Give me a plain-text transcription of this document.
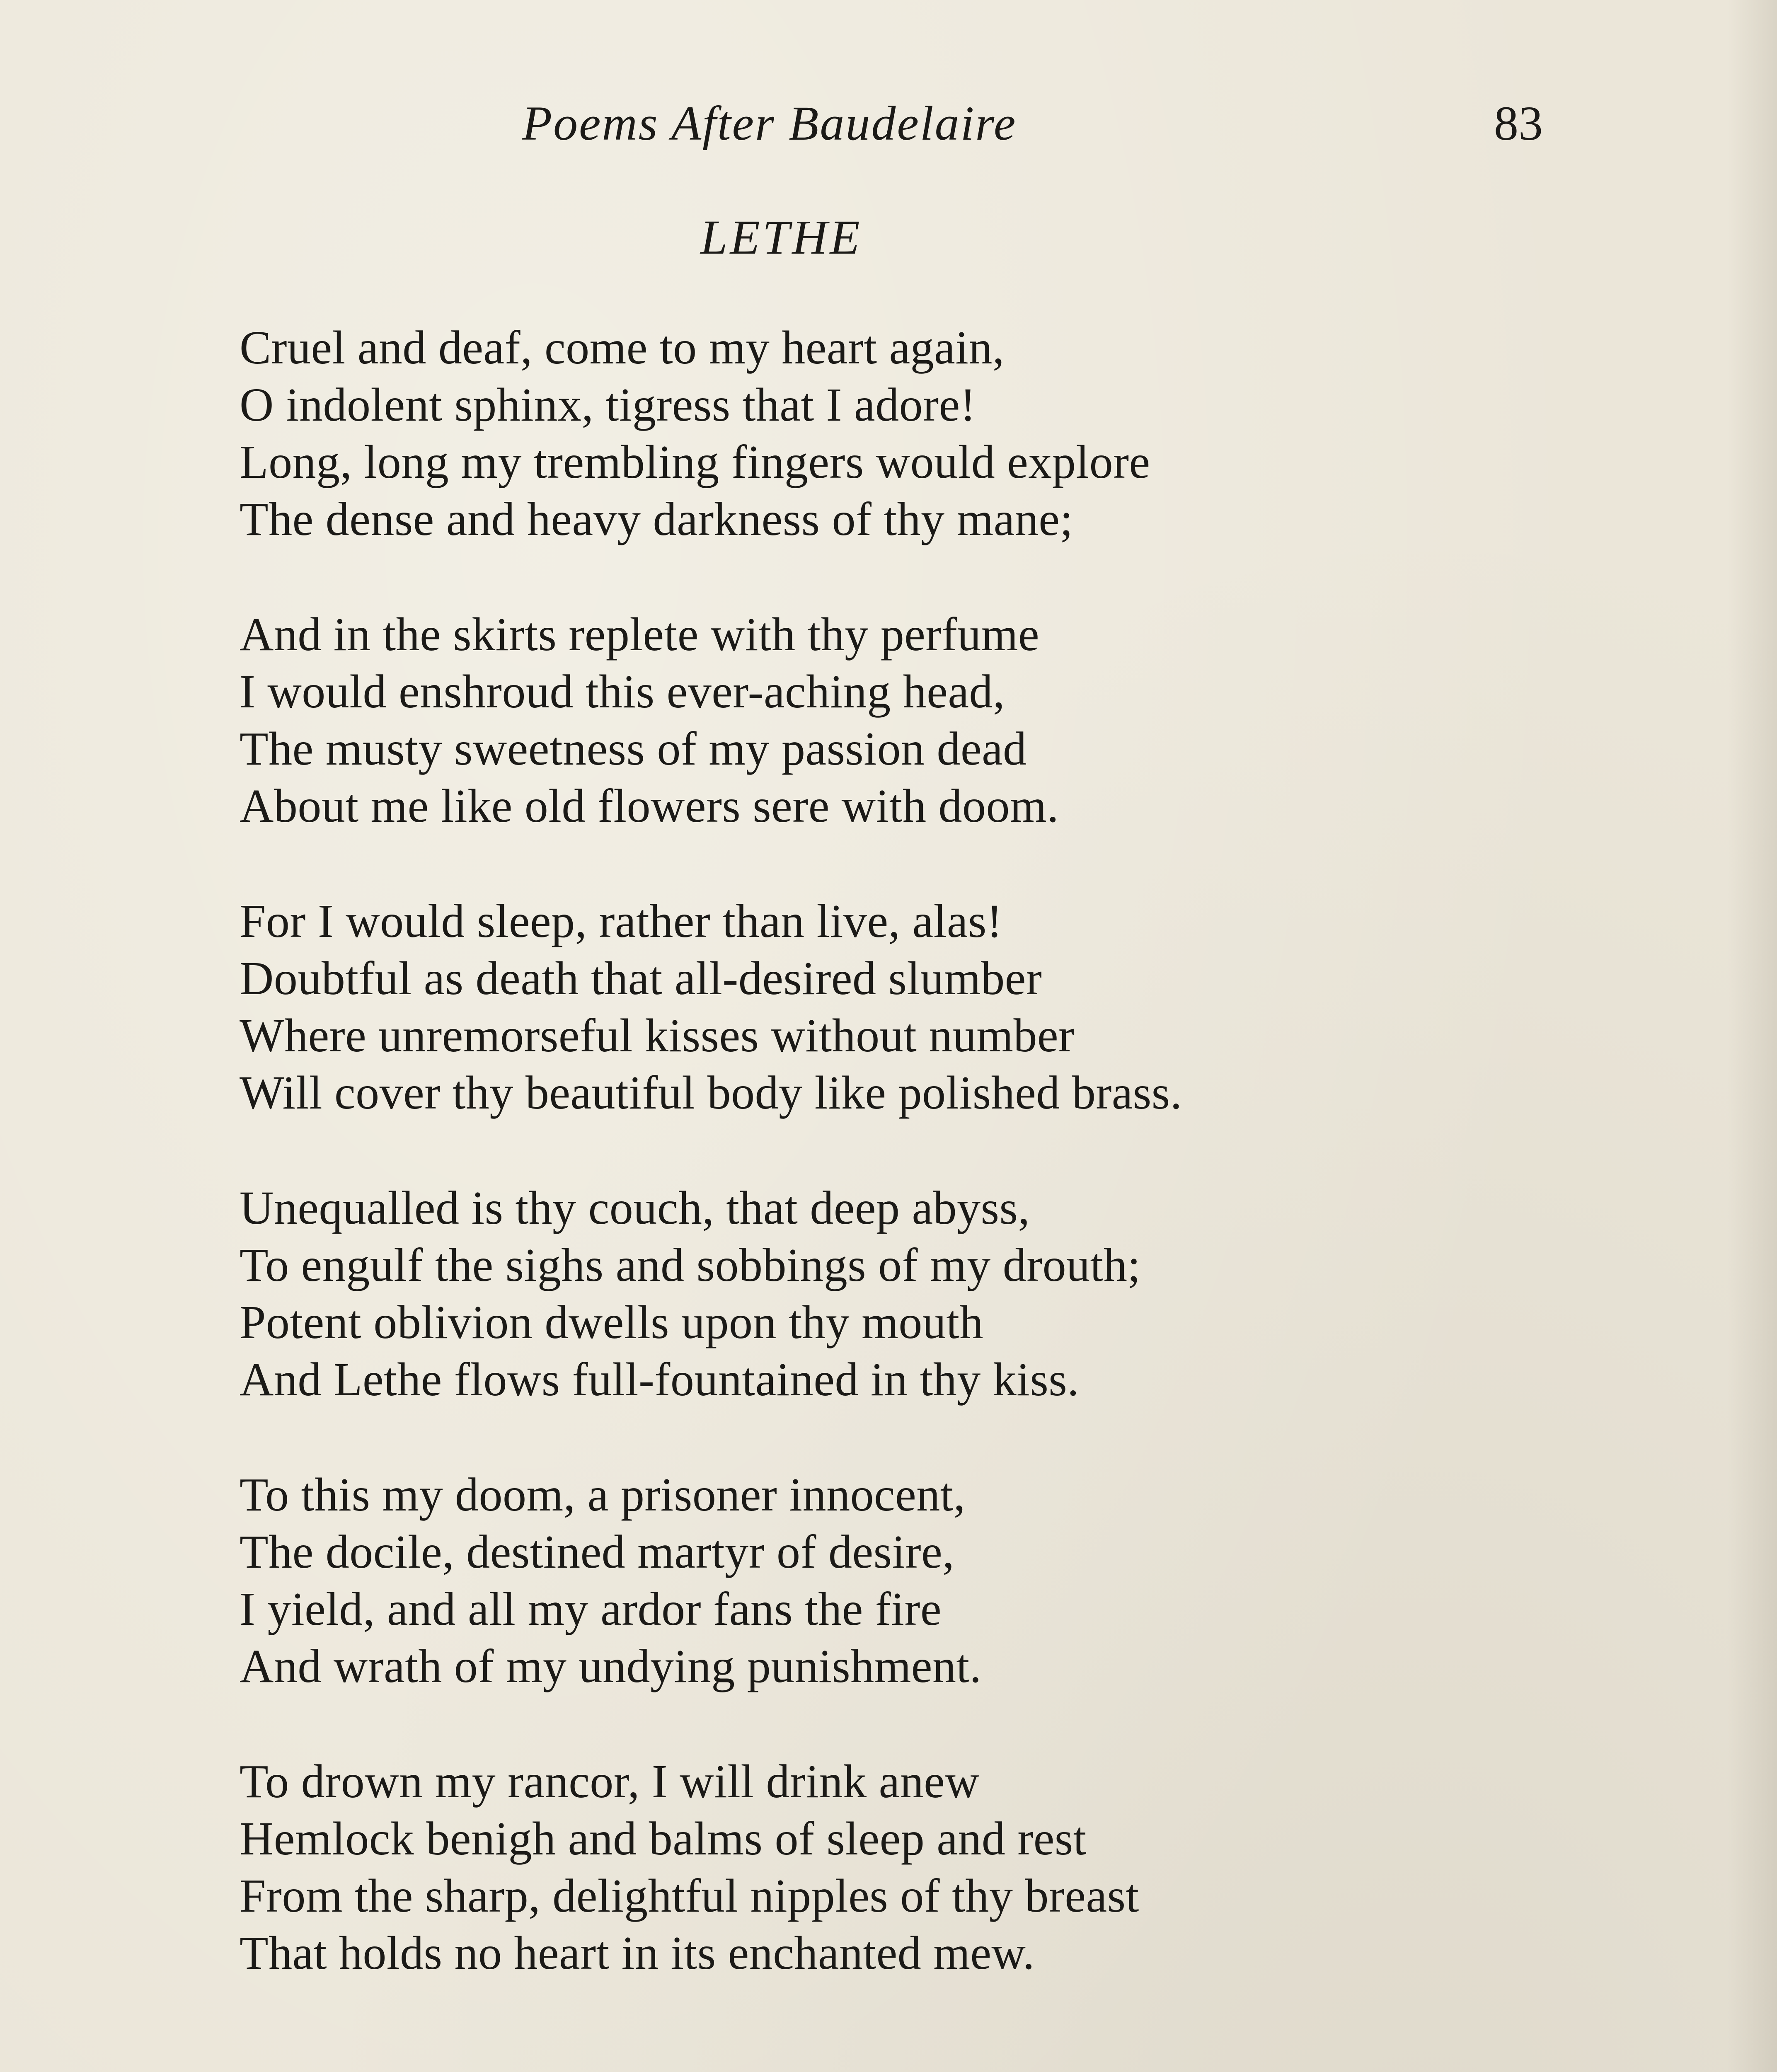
Poems After Baudelaire	83
LETHE
Cruel and deaf, come to my heart again,
O indolent sphinx, tigress that I adore!
Long, long my trembling fingers would explore
The dense and heavy darkness of thy mane;
And in the skirts replete with thy perfume
I would enshroud this ever-aching head,
The musty sweetness of my passion dead
About me like old flowers sere with doom.
For I would sleep, rather than live, alas!
Doubtful as death that all-desired slumber
Where unremorseful kisses without number
Will cover thy beautiful body like polished brass.
Unequalled is thy couch, that deep abyss,
To engulf the sighs and sobbings of my drouth;
Potent oblivion dwells upon thy mouth
And Lethe flows full-fountained in thy kiss.
To this my doom, a prisoner innocent,
The docile, destined martyr of desire,
I yield, and all my ardor fans the fire
And wrath of my undying punishment.
To drown my rancor, I will drink anew
Hemlock benigh and balms of sleep and rest
From the sharp, delightful nipples of thy breast
That holds no heart in its enchanted mew.
